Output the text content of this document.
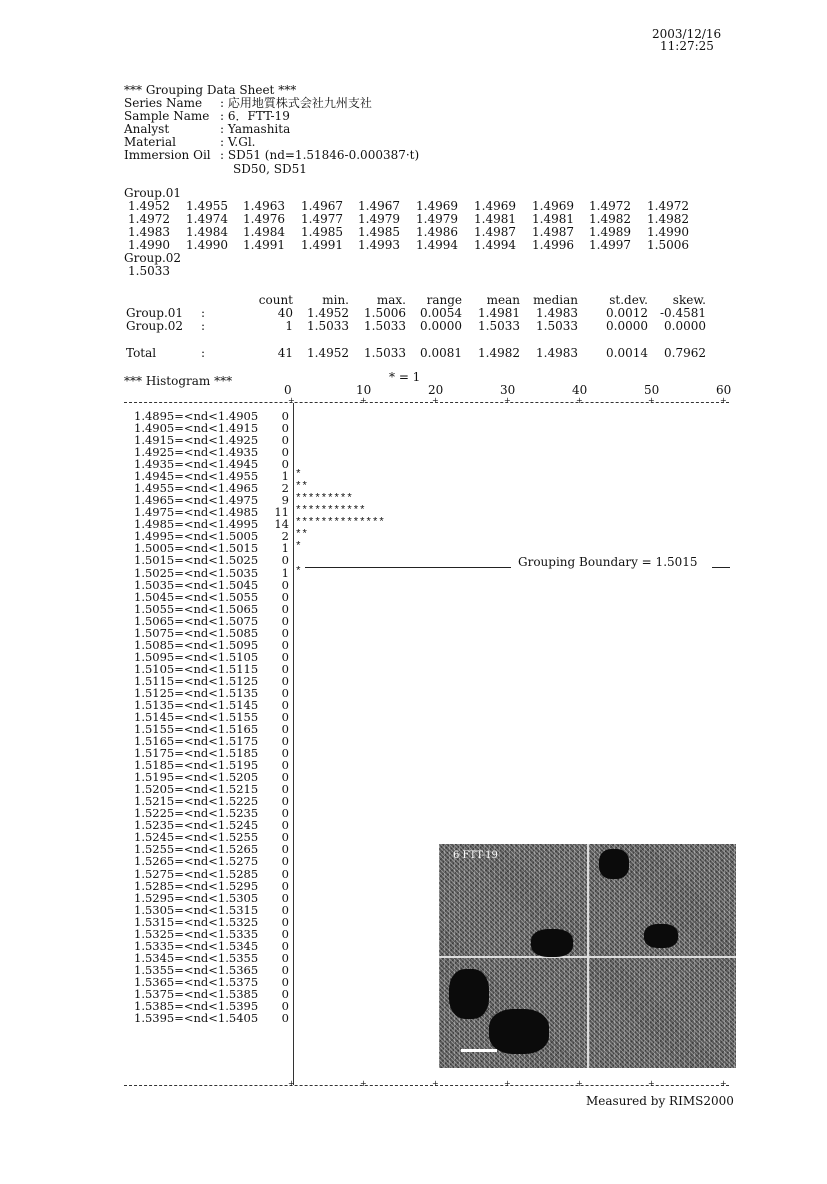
2003/12/16
11:27:25
*** Grouping Data Sheet ***
Series Name  : 応用地質株式会社九州支社
Sample Name  : 6．FTT-19
Analyst      : Yamashita
Material     : V.Gl.
Immersion Oil : SD51 (nd=1.51846-0.000387·t)
SD50, SD51
Group.01
1.4952 1.4955 1.4963 1.4967 1.4967 1.4969 1.4969 1.4969 1.4972 1.4972
1.4972 1.4974 1.4976 1.4977 1.4979 1.4979 1.4981 1.4981 1.4982 1.4982
1.4983 1.4984 1.4984 1.4985 1.4985 1.4986 1.4987 1.4987 1.4989 1.4990
1.4990 1.4990 1.4991 1.4991 1.4993 1.4994 1.4994 1.4996 1.4997 1.5006
Group.02
1.5033
count	min.	max.	range	mean	median	st.dev.	skew.
Group.01 :	40	1.4952	1.5006	0.0054	1.4981	1.4983	0.0012 -0.4581
Group.02 :	1	1.5033	1.5033	0.0000	1.5033	1.5033	0.0000	0.0000
Total	:	41	1.4952	1.5033	0.0081	1.4982	1.4983	0.0014	0.7962
*** Histogram ***	* = 1
0
+
10
+
20
+
30
+
40
+
50
+
60
+
1.4895=<nd<1.4905	0
1.4905=<nd<1.4915	0
1.4915=<nd<1.4925	0
1.4925=<nd<1.4935	0
1.4935=<nd<1.4945	0
1.4945=<nd<1.4955	1 *
1.4955=<nd<1.4965	2 **
1.4965=<nd<1.4975	9 *********
1.4975=<nd<1.4985 11 ***********
1.4985=<nd<1.4995 14 **************
1.4995=<nd<1.5005	2 **
1.5005=<nd<1.5015	1 *
1.5015=<nd<1.5025	0
1.5025=<nd<1.5035	1 *
1.5035=<nd<1.5045	0
1.5045=<nd<1.5055	0
1.5055=<nd<1.5065	0
1.5065=<nd<1.5075	0
1.5075=<nd<1.5085	0
1.5085=<nd<1.5095	0
1.5095=<nd<1.5105	0
1.5105=<nd<1.5115	0
1.5115=<nd<1.5125	0
1.5125=<nd<1.5135	0
1.5135=<nd<1.5145	0
1.5145=<nd<1.5155	0
1.5155=<nd<1.5165	0
1.5165=<nd<1.5175	0
1.5175=<nd<1.5185	0
1.5185=<nd<1.5195	0
1.5195=<nd<1.5205	0
1.5205=<nd<1.5215	0
1.5215=<nd<1.5225	0
1.5225=<nd<1.5235	0
1.5235=<nd<1.5245	0
1.5245=<nd<1.5255	0
1.5255=<nd<1.5265	0
1.5265=<nd<1.5275	0
1.5275=<nd<1.5285	0
1.5285=<nd<1.5295	0
1.5295=<nd<1.5305	0
1.5305=<nd<1.5315	0
1.5315=<nd<1.5325	0
1.5325=<nd<1.5335	0
1.5335=<nd<1.5345	0
1.5345=<nd<1.5355	0
1.5355=<nd<1.5365	0
1.5365=<nd<1.5375	0
1.5375=<nd<1.5385	0
1.5385=<nd<1.5395	0
1.5395=<nd<1.5405	0
Grouping Boundary = 1.5015
+	+	+	+	+	+	+
6 FTT-19
Measured by RIMS2000
